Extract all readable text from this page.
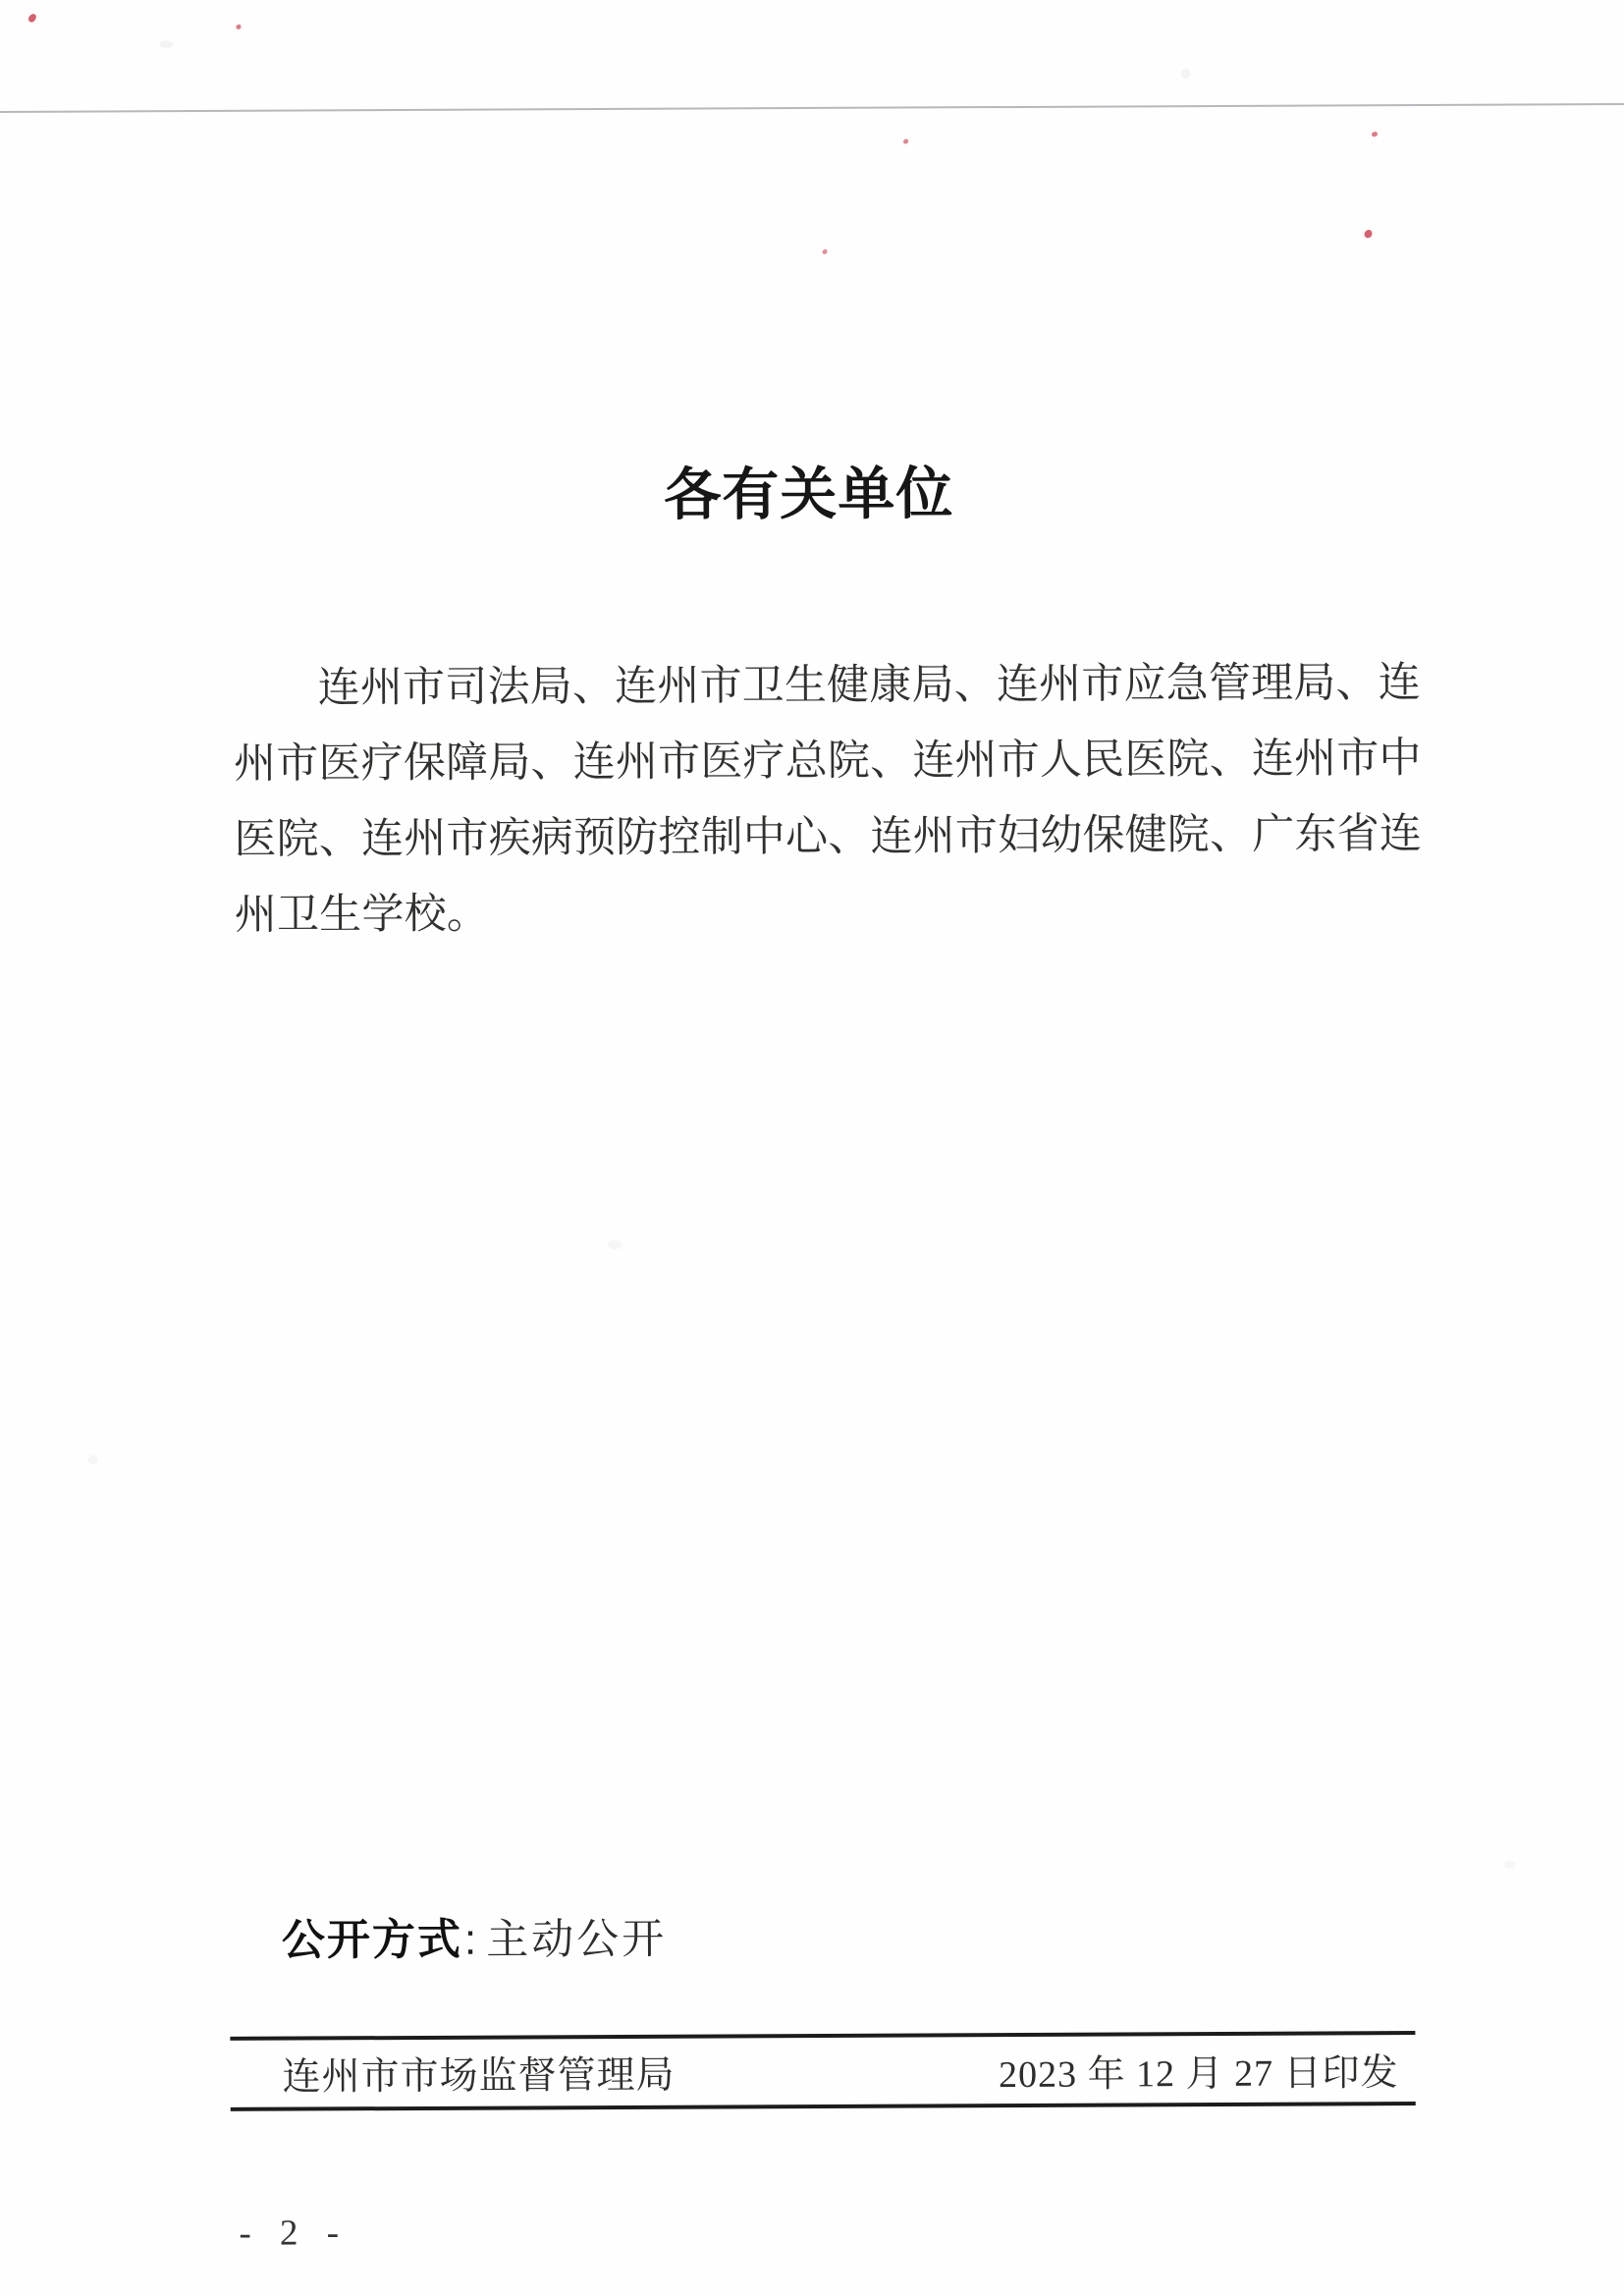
各有关单位
连州市司法局、连州市卫生健康局、连州市应急管理局、连
州市医疗保障局、连州市医疗总院、连州市人民医院、连州市中
医院、连州市疾病预防控制中心、连州市妇幼保健院、广东省连
州卫生学校。
公开方式: 主动公开
连州市市场监督管理局	2023 年 12 月 27 日印发
- 2 -
